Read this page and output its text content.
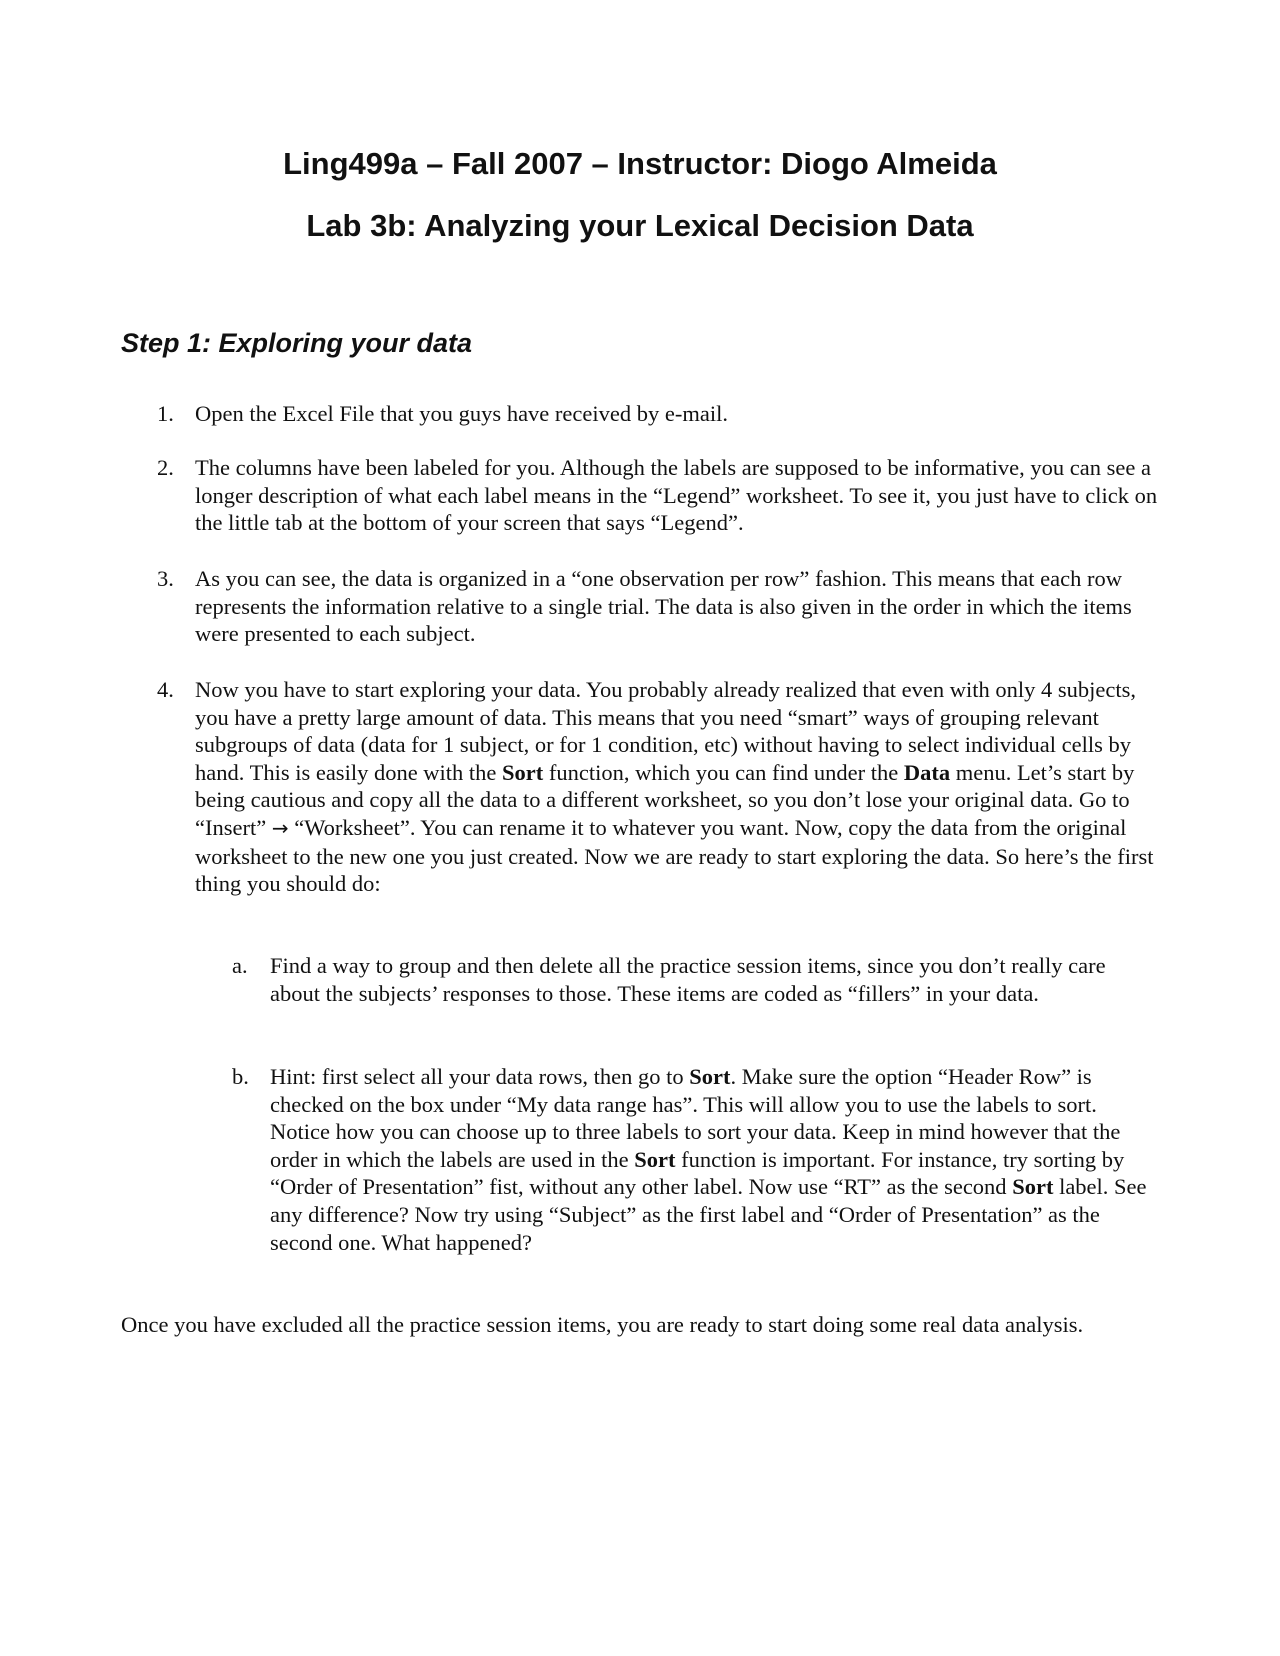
Ling499a – Fall 2007 – Instructor: Diogo Almeida
Lab 3b: Analyzing your Lexical Decision Data
Step 1: Exploring your data

1. Open the Excel File that you guys have received by e-mail.

2. The columns have been labeled for you. Although the labels are supposed to be informative, you can see a longer description of what each label means in the “Legend” worksheet. To see it, you just have to click on the little tab at the bottom of your screen that says “Legend”.

3. As you can see, the data is organized in a “one observation per row” fashion. This means that each row represents the information relative to a single trial. The data is also given in the order in which the items were presented to each subject.

4. Now you have to start exploring your data. You probably already realized that even with only 4 subjects, you have a pretty large amount of data. This means that you need “smart” ways of grouping relevant subgroups of data (data for 1 subject, or for 1 condition, etc) without having to select individual cells by hand. This is easily done with the Sort function, which you can find under the Data menu. Let’s start by being cautious and copy all the data to a different worksheet, so you don’t lose your original data. Go to “Insert” → “Worksheet”. You can rename it to whatever you want. Now, copy the data from the original worksheet to the new one you just created. Now we are ready to start exploring the data. So here’s the first thing you should do:

a. Find a way to group and then delete all the practice session items, since you don’t really care about the subjects’ responses to those. These items are coded as “fillers” in your data.

b. Hint: first select all your data rows, then go to Sort. Make sure the option “Header Row” is checked on the box under “My data range has”. This will allow you to use the labels to sort. Notice how you can choose up to three labels to sort your data. Keep in mind however that the order in which the labels are used in the Sort function is important. For instance, try sorting by “Order of Presentation” fist, without any other label. Now use “RT” as the second Sort label. See any difference? Now try using “Subject” as the first label and “Order of Presentation” as the second one. What happened?

Once you have excluded all the practice session items, you are ready to start doing some real data analysis.
